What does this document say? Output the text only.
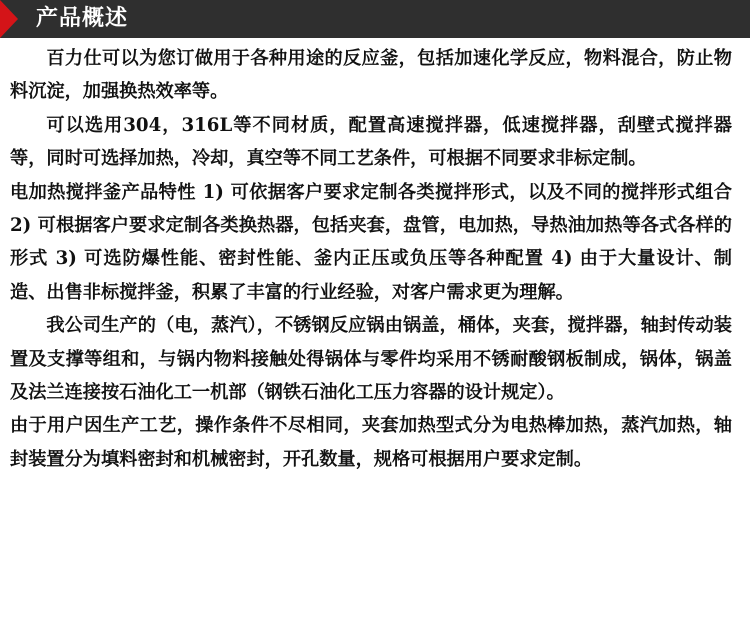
产品概述

百力仕可以为您订做用于各种用途的反应釜，包括加速化学反应，物料混合，防止物料沉淀，加强换热效率等。

可以选用304，316L等不同材质，配置高速搅拌器，低速搅拌器，刮壁式搅拌器等，同时可选择加热，冷却，真空等不同工艺条件，可根据不同要求非标定制。

电加热搅拌釜产品特性 1) 可依据客户要求定制各类搅拌形式，以及不同的搅拌形式组合 2) 可根据客户要求定制各类换热器，包括夹套，盘管，电加热，导热油加热等各式各样的形式 3) 可选防爆性能、密封性能、釜内正压或负压等各种配置 4) 由于大量设计、制造、出售非标搅拌釜，积累了丰富的行业经验，对客户需求更为理解。

我公司生产的（电，蒸汽），不锈钢反应锅由锅盖，桶体，夹套，搅拌器，轴封传动装置及支撑等组和，与锅内物料接触处得锅体与零件均采用不锈耐酸钢板制成，锅体，锅盖及法兰连接按石油化工一机部（钢铁石油化工压力容器的设计规定）。

由于用户因生产工艺，操作条件不尽相同，夹套加热型式分为电热棒加热，蒸汽加热，轴封装置分为填料密封和机械密封，开孔数量，规格可根据用户要求定制。
